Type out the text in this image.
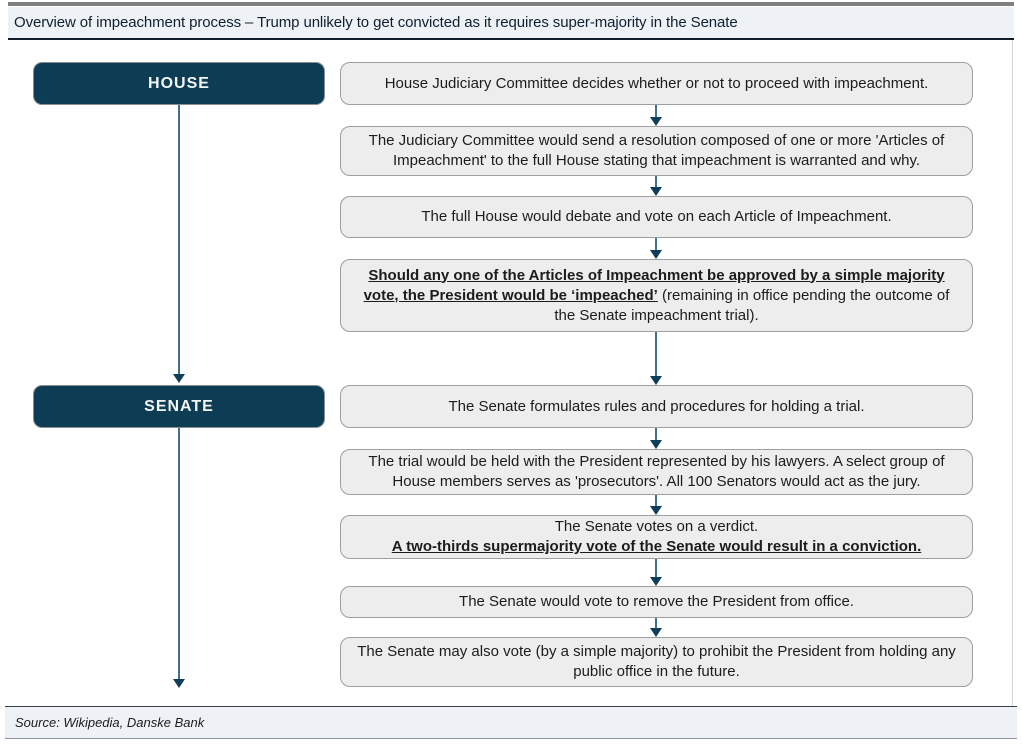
Overview of impeachment process – Trump unlikely to get convicted as it requires super-majority in the Senate
HOUSE
SENATE
House Judiciary Committee decides whether or not to proceed with impeachment.
The Judiciary Committee would send a resolution composed of one or more 'Articles of Impeachment' to the full House stating that impeachment is warranted and why.
The full House would debate and vote on each Article of Impeachment.
Should any one of the Articles of Impeachment be approved by a simple majority vote, the President would be ‘impeached’ (remaining in office pending the outcome of the Senate impeachment trial).
The Senate formulates rules and procedures for holding a trial.
The trial would be held with the President represented by his lawyers. A select group of House members serves as 'prosecutors'. All 100 Senators would act as the jury.
The Senate votes on a verdict.
A two-thirds supermajority vote of the Senate would result in a conviction.
The Senate would vote to remove the President from office.
The Senate may also vote (by a simple majority) to prohibit the President from holding any public office in the future.
Source: Wikipedia, Danske Bank
